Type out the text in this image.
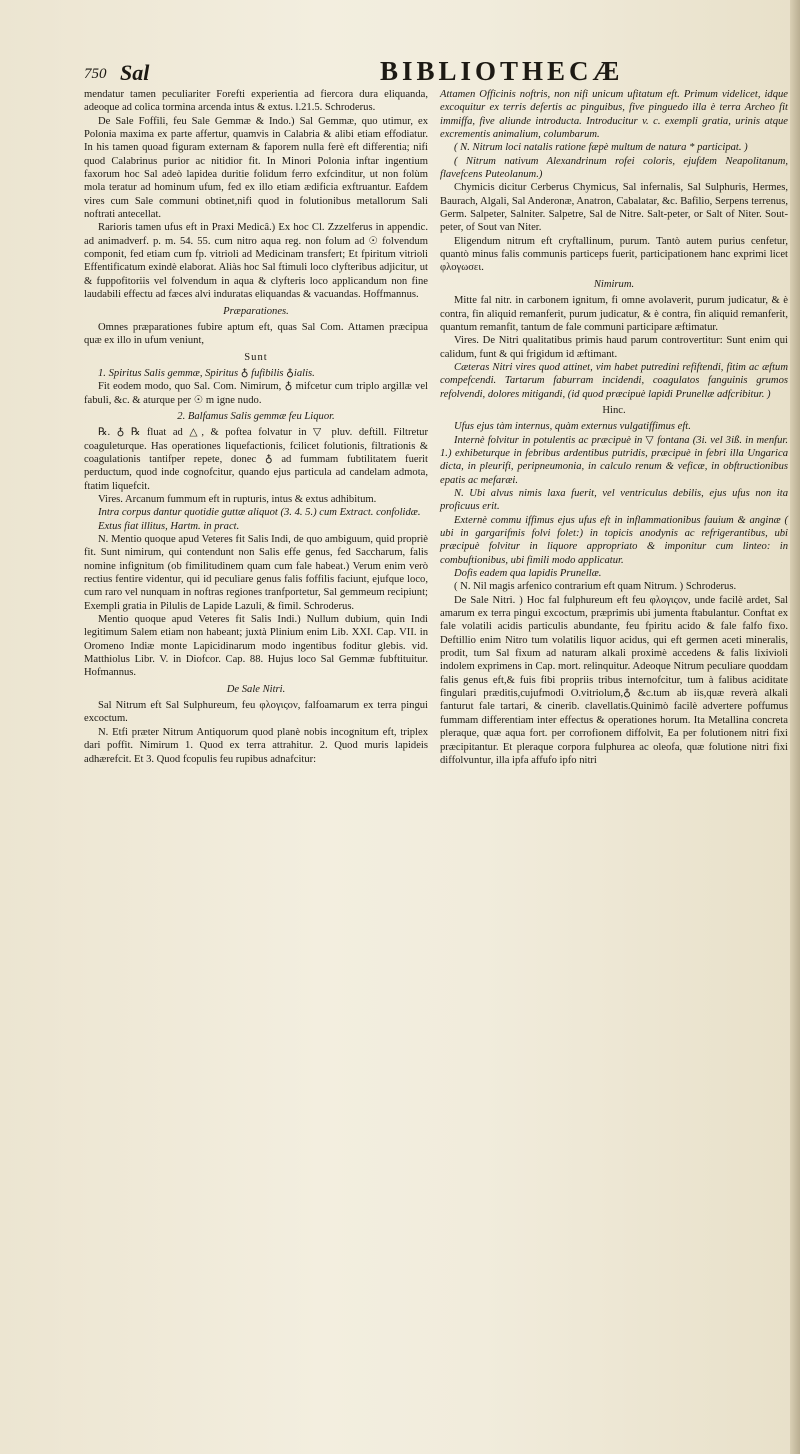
750 Sal	BIBLIOTHECÆ

mendatur tamen peculiariter Forefti experientia ad fiercora dura eliquanda, adeoque ad colica tormina arcenda intus & extus. l.21.5. Schroderus.

De Sale Foffili, feu Sale Gemmæ & Indo.) Sal Gemmæ, quo utimur, ex Polonia maxima ex parte affertur, quamvis in Calabria & alibi etiam effodiatur. In his tamen quoad figuram externam & faporem nulla ferè eft differentia; nifi quod Calabrinus purior ac nitidior fit. In Minori Polonia inftar ingentium faxorum hoc Sal adeò lapidea duritie folidum ferro exfcinditur, ut non folùm mola teratur ad hominum ufum, fed ex illo etiam ædificia exftruantur. Eafdem vires cum Sale communi obtinet,nifi quod in folutionibus metallorum Sali noftrati antecellat.

Rarioris tamen ufus eft in Praxi Medicâ.) Ex hoc Cl. Zzzelferus in appendic. ad animadverf. p. m. 54. 55. cum nitro aqua reg. non folum ad ☉ folvendum componit, fed etiam cum fp. vitrioli ad Medicinam transfert; Et fpiritum vitrioli Effentificatum exindè elaborat. Aliàs hoc Sal ftimuli loco clyfteribus adjicitur, ut & fuppofitoriis vel folvendum in aqua & clyfteris loco applicandum non fine laudabili effectu ad fæces alvi induratas eliquandas & vacuandas. Hoffmannus.

Præparationes.

Omnes præparationes fubire aptum eft, quas Sal Com. Attamen præcipua quæ ex illo in ufum veniunt,

Sunt

1. Spiritus Salis gemmæ, Spiritus ♁ fufibilis ♁ialis.

Fit eodem modo, quo Sal. Com. Nimirum, ♁ mifcetur cum triplo argillæ vel fabuli, &c. & aturque per ☉ m igne nudo.

2. Balfamus Salis gemmæ feu Liquor.

℞. ♁ ℞ fluat ad △, & poftea folvatur in ▽ pluv. deftill. Filtretur coaguleturque. Has operationes liquefactionis, fcilicet folutionis, filtrationis & coagulationis tantifper repete, donec ♁ ad fummam fubtilitatem fuerit perductum, quod inde cognofcitur, quando ejus particula ad candelam admota, ftatim liquefcit.

Vires. Arcanum fummum eft in rupturis, intus & extus adhibitum.

Intra corpus dantur quotidie guttæ aliquot (3. 4. 5.) cum Extract. confolidæ.

Extus fiat illitus, Hartm. in pract.

N. Mentio quoque apud Veteres fit Salis Indi, de quo ambiguum, quid propriè fit. Sunt nimirum, qui contendunt non Salis effe genus, fed Saccharum, falis nomine infignitum (ob fimilitudinem quam cum fale habeat.) Verum enim verò rectius fentire videntur, qui id peculiare genus falis foffilis faciunt, ejufque loco, cum raro vel nunquam in noftras regiones tranfportetur, Sal gemmeum recipiunt; Exempli gratia in Pilulis de Lapide Lazuli, & fimil. Schroderus.

Mentio quoque apud Veteres fit Salis Indi.) Nullum dubium, quin Indi legitimum Salem etiam non habeant; juxtà Plinium enim Lib. XXI. Cap. VII. in Oromeno Indiæ monte Lapicidinarum modo ingentibus foditur glebis. vid. Matthiolus Libr. V. in Diofcor. Cap. 88. Hujus loco Sal Gemmæ fubftituitur. Hofmannus.

De Sale Nitri.

Sal Nitrum eft Sal Sulphureum, feu φλογιςον, falfoamarum ex terra pingui excoctum.

N. Etfi præter Nitrum Antiquorum quod planè nobis incognitum eft, triplex dari poffit. Nimirum 1. Quod ex terra attrahitur. 2. Quod muris lapideis adhærefcit. Et 3. Quod fcopulis feu rupibus adnafcitur:

Attamen Officinis noftris, non nifi unicum ufitatum eft. Primum videlicet, idque excoquitur ex terris defertis ac pinguibus, five pinguedo illa è terra Archeo fit immiffa, five aliunde introducta. Introducitur v. c. exempli gratia, urinis atque excrementis animalium, columbarum.

( N. Nitrum loci natalis ratione fæpè multum de natura * participat. )

( Nitrum nativum Alexandrinum rofei coloris, ejufdem Neapolitanum, flavefcens Puteolanum.)

Chymicis dicitur Cerberus Chymicus, Sal infernalis, Sal Sulphuris, Hermes, Baurach, Algali, Sal Anderonæ, Anatron, Cabalatar, &c. Bafilio, Serpens terrenus, Germ. Salpeter, Salniter. Salpetre, Sal de Nitre. Salt-peter, or Salt of Niter. Sout-peter, of Sout van Niter.

Eligendum nitrum eft cryftallinum, purum. Tantò autem purius cenfetur, quantò minus falis communis particeps fuerit, participationem hanc exprimi licet φλογωσει.

Nimirum.

Mitte fal nitr. in carbonem ignitum, fi omne avolaverit, purum judicatur, & è contra, fin aliquid remanferit, purum judicatur, & è contra, fin aliquid remanferit, quantum remanfit, tantum de fale communi participare æftimatur.

Vires. De Nitri qualitatibus primis haud parum controvertitur: Sunt enim qui calidum, funt & qui frigidum id æftimant.

Cæteras Nitri vires quod attinet, vim habet putredini refiftendi, fitim ac æftum compefcendi. Tartarum faburram incidendi, coagulatos fanguinis grumos refolvendi, dolores mitigandi, (id quod præcipuè lapidi Prunellæ adfcribitur. )

Hinc.

Ufus ejus tàm internus, quàm externus vulgatiffimus eft.

Internè folvitur in potulentis ac præcipuè in ▽ fontana (3i. vel 3iß. in menfur. 1.) exhibeturque in febribus ardentibus putridis, præcipuè in febri illa Ungarica dicta, in pleurifi, peripneumonia, in calculo renum & veficæ, in obftructionibus epatis ac mefaræi.

N. Ubi alvus nimis laxa fuerit, vel ventriculus debilis, ejus ufus non ita proficuus erit.

Externè commu iffimus ejus ufus eft in inflammationibus fauium & anginæ ( ubi in gargarifmis folvi folet:) in topicis anodynis ac refrigerantibus, ubi præcipuè folvitur in liquore appropriato & imponitur cum linteo: in combuftionibus, ubi fimili modo applicatur.

Dofis eadem qua lapidis Prunellæ.

( N. Nil magis arfenico contrarium eft quam Nitrum. ) Schroderus.

De Sale Nitri. ) Hoc fal fulphureum eft feu φλογιςον, unde facilè ardet, Sal amarum ex terra pingui excoctum, præprimis ubi jumenta ftabulantur. Conftat ex fale volatili acidis particulis abundante, feu fpiritu acido & fale falfo fixo. Deftillio enim Nitro tum volatilis liquor acidus, qui eft germen aceti mineralis, prodit, tum Sal fixum ad naturam alkali proximè accedens & falis lixivioli indolem exprimens in Cap. mort. relinquitur. Adeoque Nitrum peculiare quoddam falis genus eft,& fuis fibi propriis tribus internofcitur, tum à falibus aciditate fingulari præditis,cujufmodi O.vitriolum,♁ &c.tum ab iis,quæ reverà alkali fanturut fale tartari, & cinerib. clavellatis.Quinimò facilè advertere poffumus fummam differentiam inter effectus & operationes horum. Ita Metallina concreta pleraque, quæ aqua fort. per corrofionem diffolvit, Ea per folutionem nitri fixi præcipitantur. Et pleraque corpora fulphurea ac oleofa, quæ folutione nitri fixi diffolvuntur, illa ipfa affufo ipfo nitri
